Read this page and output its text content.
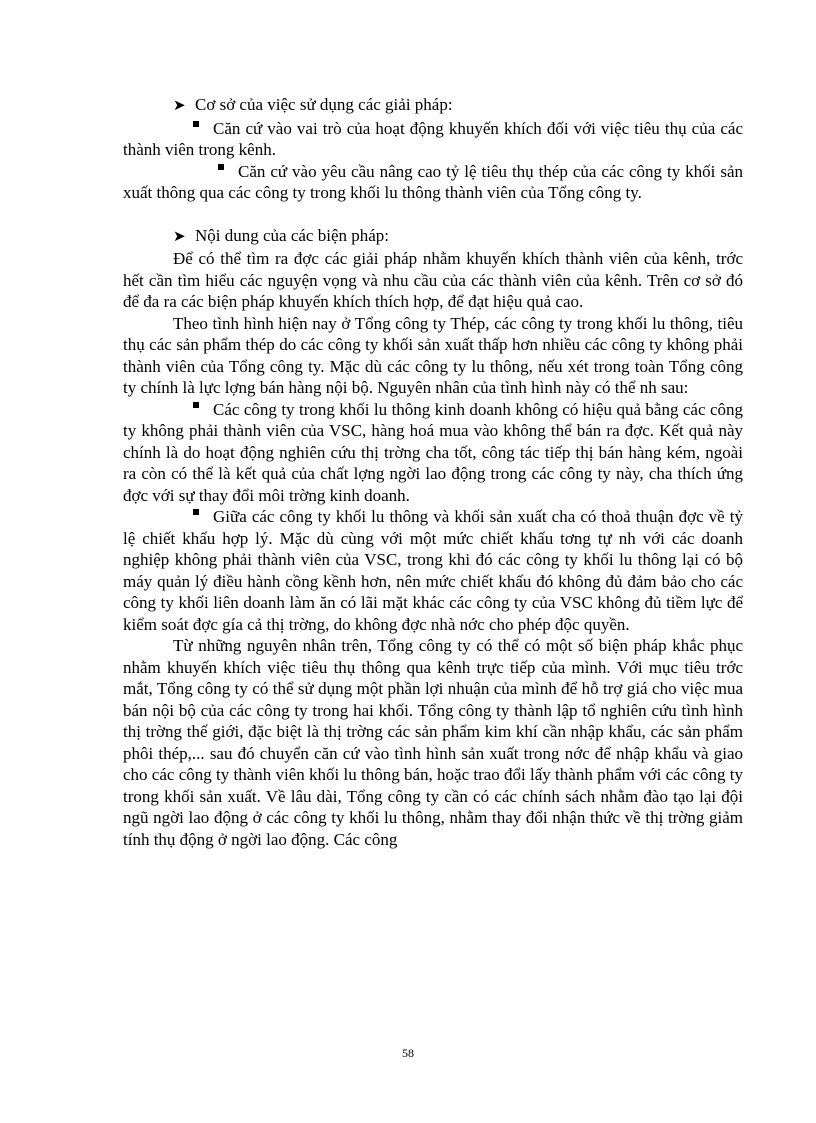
➤ Cơ sở của việc sử dụng các giải pháp:

Căn cứ vào vai trò của hoạt động khuyến khích đối với việc tiêu thụ của các thành viên trong kênh.

Căn cứ vào yêu cầu nâng cao tỷ lệ tiêu thụ thép của các công ty khối sản xuất thông qua các công ty trong khối lu thông thành viên của Tổng công ty.

➤ Nội dung của các biện pháp:

Để có thể tìm ra đợc các giải pháp nhằm khuyến khích thành viên của kênh, trớc hết cần tìm hiểu các nguyện vọng và nhu cầu của các thành viên của kênh. Trên cơ sở đó để đa ra các biện pháp khuyến khích thích hợp, để đạt hiệu quả cao.

Theo tình hình hiện nay ở Tổng công ty Thép, các công ty trong khối lu thông, tiêu thụ các sản phẩm thép do các công ty khối sản xuất thấp hơn nhiều các công ty không phải thành viên của Tổng công ty. Mặc dù các công ty lu thông, nếu xét trong toàn Tổng công ty chính là lực lợng bán hàng nội bộ. Nguyên nhân của tình hình này có thể nh sau:

Các công ty trong khối lu thông kinh doanh không có hiệu quả bằng các công ty không phải thành viên của VSC, hàng hoá mua vào không thể bán ra đợc. Kết quả này chính là do hoạt động nghiên cứu thị trờng cha tốt, công tác tiếp thị bán hàng kém, ngoài ra còn có thể là kết quả của chất lợng ngời lao động trong các công ty này, cha thích ứng đợc với sự thay đổi môi trờng kinh doanh.

Giữa các công ty khối lu thông và khối sản xuất cha có thoả thuận đợc về tỷ lệ chiết khấu hợp lý. Mặc dù cùng với một mức chiết khấu tơng tự nh với các doanh nghiệp không phải thành viên của VSC, trong khi đó các công ty khối lu thông lại có bộ máy quản lý điều hành cồng kềnh hơn, nên mức chiết khấu đó không đủ đảm bảo cho các công ty khối liên doanh làm ăn có lãi mặt khác các công ty của VSC không đủ tiềm lực để kiểm soát đợc gía cả thị trờng, do không đợc nhà nớc cho phép độc quyền.

Từ những nguyên nhân trên, Tổng công ty có thể có một số biện pháp khắc phục nhằm khuyến khích việc tiêu thụ thông qua kênh trực tiếp của mình. Với mục tiêu trớc mắt, Tổng công ty có thể sử dụng một phần lợi nhuận của mình để hỗ trợ giá cho việc mua bán nội bộ của các công ty trong hai khối. Tổng công ty thành lập tổ nghiên cứu tình hình thị trờng thế giới, đặc biệt là thị trờng các sản phẩm kim khí cần nhập khẩu, các sản phẩm phôi thép,... sau đó chuyển căn cứ vào tình hình sản xuất trong nớc để nhập khẩu và giao cho các công ty thành viên khối lu thông bán, hoặc trao đổi lấy thành phẩm với các công ty trong khối sản xuất. Về lâu dài, Tổng công ty cần có các chính sách nhằm đào tạo lại đội ngũ ngời lao động ở các công ty khối lu thông, nhằm thay đổi nhận thức về thị trờng giảm tính thụ động ở ngời lao động. Các công

58
